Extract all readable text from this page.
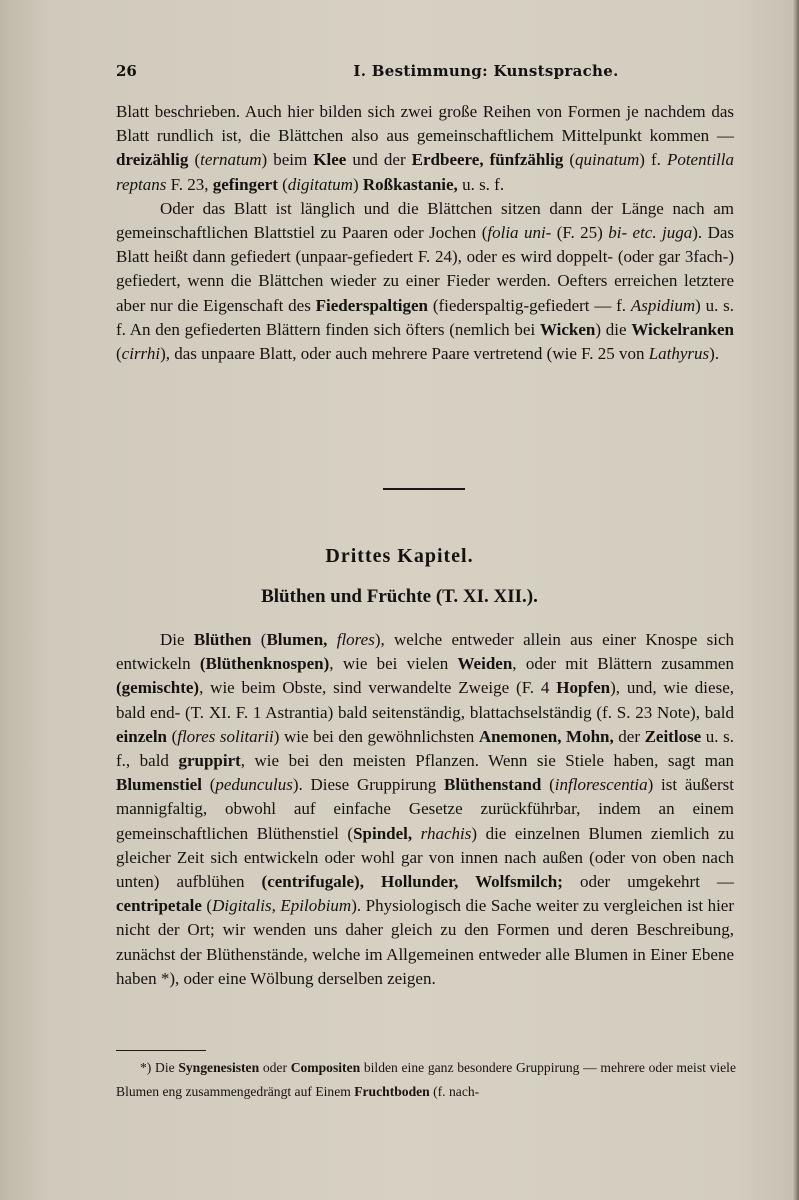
26	I. Bestimmung: Kunstsprache.

Blatt beschrieben. Auch hier bilden sich zwei große Reihen von Formen je nachdem das Blatt rundlich ist, die Blättchen also aus gemeinschaftlichem Mittelpunkt kommen — dreizählig (ternatum) beim Klee und der Erdbeere, fünfzählig (quinatum) f. Potentilla reptans F. 23, gefingert (digitatum) Roßkastanie, u. s. f.

Oder das Blatt ist länglich und die Blättchen sitzen dann der Länge nach am gemeinschaftlichen Blattstiel zu Paaren oder Jochen (folia uni- (F. 25) bi- etc. juga). Das Blatt heißt dann gefiedert (unpaar-gefiedert F. 24), oder es wird doppelt- (oder gar 3fach-) gefiedert, wenn die Blättchen wieder zu einer Fieder werden. Oefters erreichen letztere aber nur die Eigenschaft des Fiederspaltigen (fiederspaltig-gefiedert — f. Aspidium) u. s. f. An den gefiederten Blättern finden sich öfters (nemlich bei Wicken) die Wickelranken (cirrhi), das unpaare Blatt, oder auch mehrere Paare vertretend (wie F. 25 von Lathyrus).

Drittes Kapitel.
Blüthen und Früchte (T. XI. XII.).

Die Blüthen (Blumen, flores), welche entweder allein aus einer Knospe sich entwickeln (Blüthenknospen), wie bei vielen Weiden, oder mit Blättern zusammen (gemischte), wie beim Obste, sind verwandelte Zweige (F. 4 Hopfen), und, wie diese, bald end- (T. XI. F. 1 Astrantia) bald seitenständig, blattachselständig (f. S. 23 Note), bald einzeln (flores solitarii) wie bei den gewöhnlichsten Anemonen, Mohn, der Zeitlose u. s. f., bald gruppirt, wie bei den meisten Pflanzen. Wenn sie Stiele haben, sagt man Blumenstiel (pedunculus). Diese Gruppirung Blüthenstand (inflorescentia) ist äußerst mannigfaltig, obwohl auf einfache Gesetze zurückführbar, indem an einem gemeinschaftlichen Blüthenstiel (Spindel, rhachis) die einzelnen Blumen ziemlich zu gleicher Zeit sich entwickeln oder wohl gar von innen nach außen (oder von oben nach unten) aufblühen (centrifugale), Hollunder, Wolfsmilch; oder umgekehrt — centripetale (Digitalis, Epilobium). Physiologisch die Sache weiter zu vergleichen ist hier nicht der Ort; wir wenden uns daher gleich zu den Formen und deren Beschreibung, zunächst der Blüthenstände, welche im Allgemeinen entweder alle Blumen in Einer Ebene haben *), oder eine Wölbung derselben zeigen.

*) Die Syngenesisten oder Compositen bilden eine ganz besondere Gruppirung — mehrere oder meist viele Blumen eng zusammengedrängt auf Einem Fruchtboden (f. nach-
